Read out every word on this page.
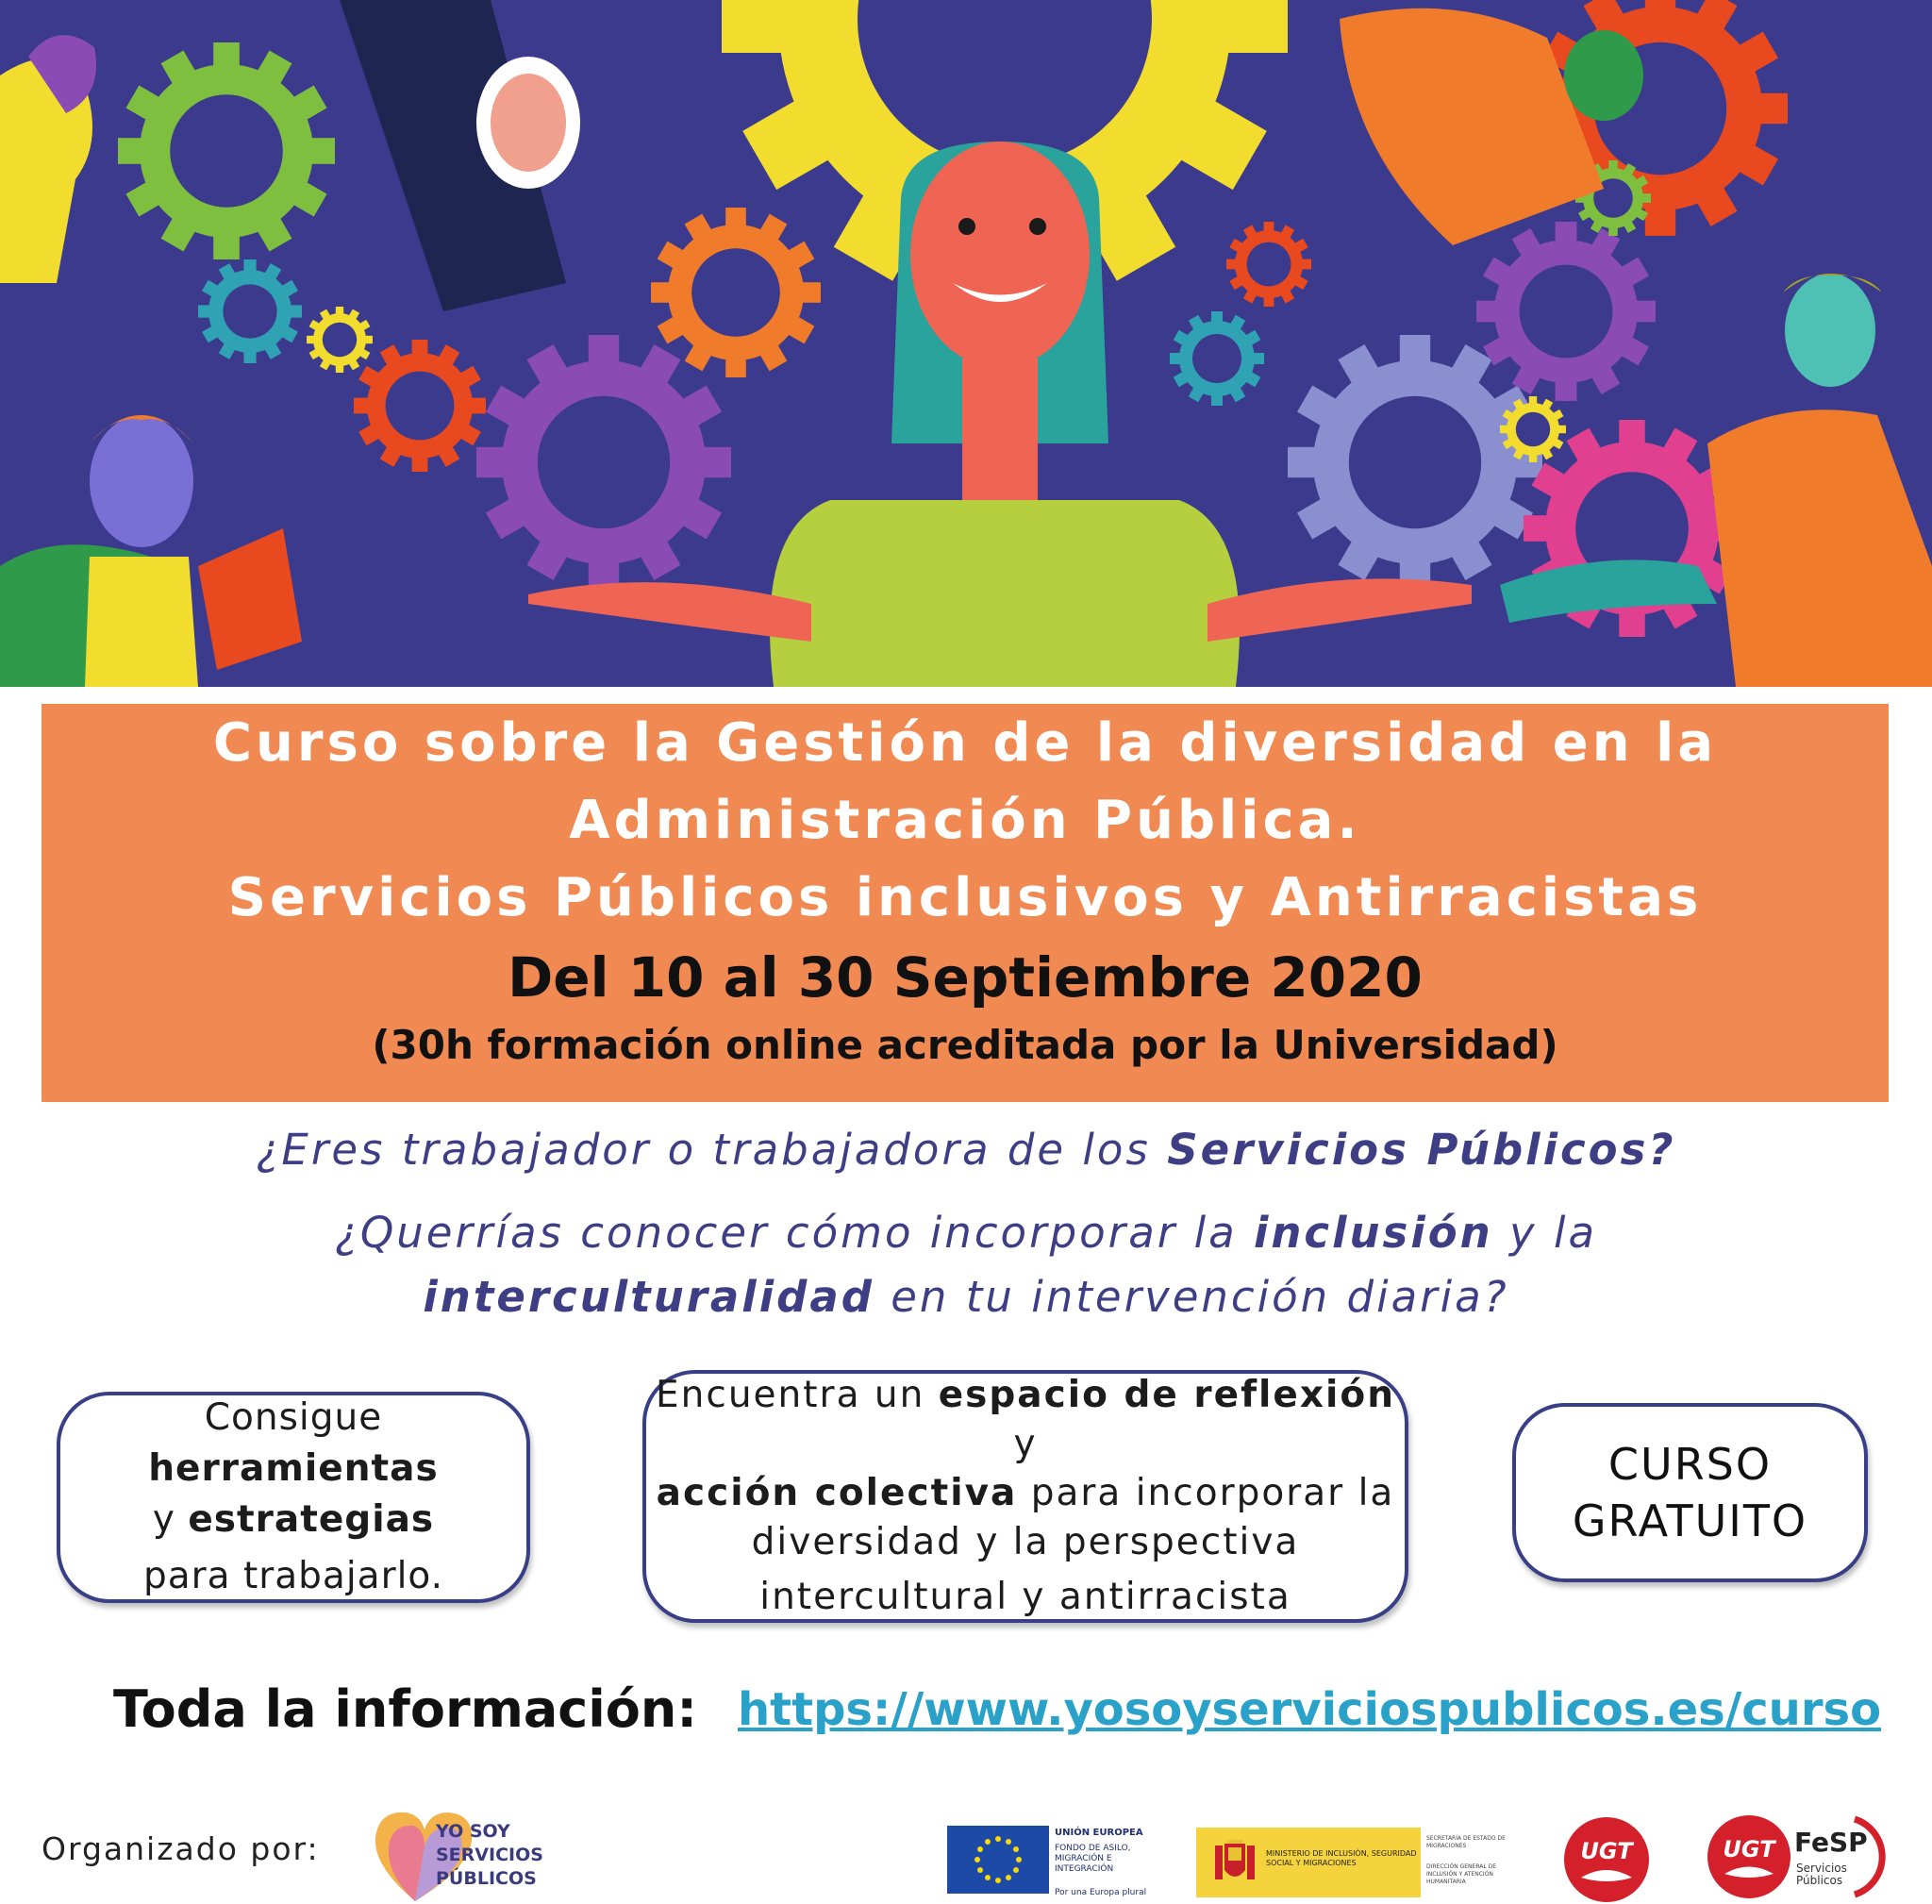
Curso sobre la Gestión de la diversidad en la
Administración Pública.
Servicios Públicos inclusivos y Antirracistas
Del 10 al 30 Septiembre 2020
(30h formación online acreditada por la Universidad)
¿Eres trabajador o trabajadora de los Servicios Públicos?
¿Querrías conocer cómo incorporar la inclusión y la
interculturalidad en tu intervención diaria?
Consigue herramientas
y estrategias
para trabajarlo.
Encuentra un espacio de reflexión y
acción colectiva para incorporar la
diversidad y la perspectiva
intercultural y antirracista
CURSO
GRATUITO
Toda la información: https://www.yosoyserviciospublicos.es/curso
Organizado por:	YO SOY
SERVICIOS
PÚBLICOS
UNIÓN EUROPEA
FONDO DE ASILO, MIGRACIÓN E INTEGRACIÓN
Por una Europa plural
MINISTERIO DE INCLUSIÓN, SEGURIDAD SOCIAL Y MIGRACIONES
SECRETARÍA DE ESTADO DE MIGRACIONES
DIRECCIÓN GENERAL DE INCLUSIÓN Y ATENCIÓN HUMANITARIA
UGT	UGT FeSP
Servicios
Públicos
